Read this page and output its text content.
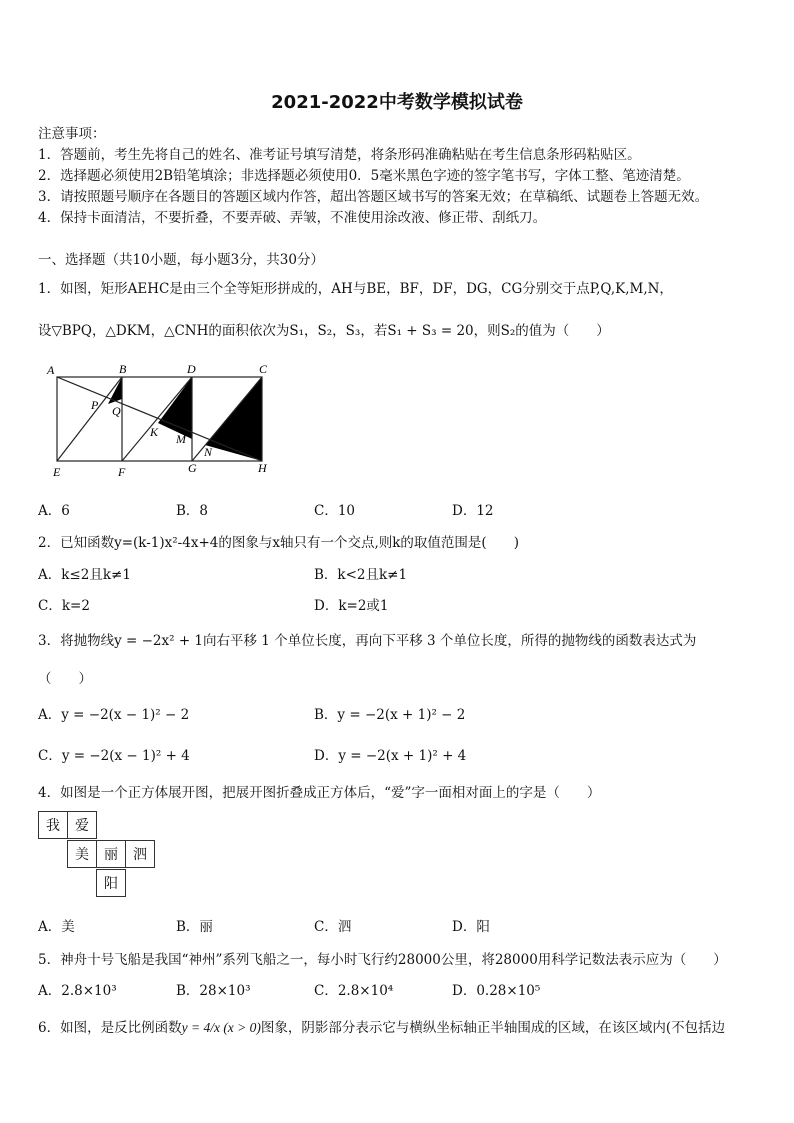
2021-2022中考数学模拟试卷
注意事项：
1．答题前，考生先将自己的姓名、准考证号填写清楚，将条形码准确粘贴在考生信息条形码粘贴区。
2．选择题必须使用2B铅笔填涂；非选择题必须使用0．5毫米黑色字迹的签字笔书写，字体工整、笔迹清楚。
3．请按照题号顺序在各题目的答题区域内作答，超出答题区域书写的答案无效；在草稿纸、试题卷上答题无效。
4．保持卡面清洁，不要折叠，不要弄破、弄皱，不准使用涂改液、修正带、刮纸刀。
一、选择题（共10小题，每小题3分，共30分）
1．如图，矩形AEHC是由三个全等矩形拼成的，AH与BE，BF，DF，DG，CG分别交于点P,Q,K,M,N，
设▽BPQ，△DKM，△CNH的面积依次为S₁，S₂，S₃，若S₁ + S₃ = 20，则S₂的值为（　　）
A	B	D	C
P Q
K M
N
E	F	G	H
A．6	B．8	C．10	D．12
2．已知函数y=(k-1)x²-4x+4的图象与x轴只有一个交点,则k的取值范围是(　　)
A．k≤2且k≠1	B．k<2且k≠1
C．k=2	D．k=2或1
3．将抛物线y = −2x² + 1向右平移 1 个单位长度，再向下平移 3 个单位长度，所得的抛物线的函数表达式为
（　　）
A．y = −2(x − 1)² − 2	B．y = −2(x + 1)² − 2
C．y = −2(x − 1)² + 4	D．y = −2(x + 1)² + 4
4．如图是一个正方体展开图，把展开图折叠成正方体后，“爱”字一面相对面上的字是（　　）
我	爱
美	丽	泗
阳
A．美	B．丽	C．泗	D．阳
5．神舟十号飞船是我国“神州”系列飞船之一，每小时飞行约28000公里，将28000用科学记数法表示应为（　　）
A．2.8×10³	B．28×10³	C．2.8×10⁴	D．0.28×10⁵
6．如图，是反比例函数y = 4/x (x > 0)图象，阴影部分表示它与横纵坐标轴正半轴围成的区域，在该区域内(不包括边
